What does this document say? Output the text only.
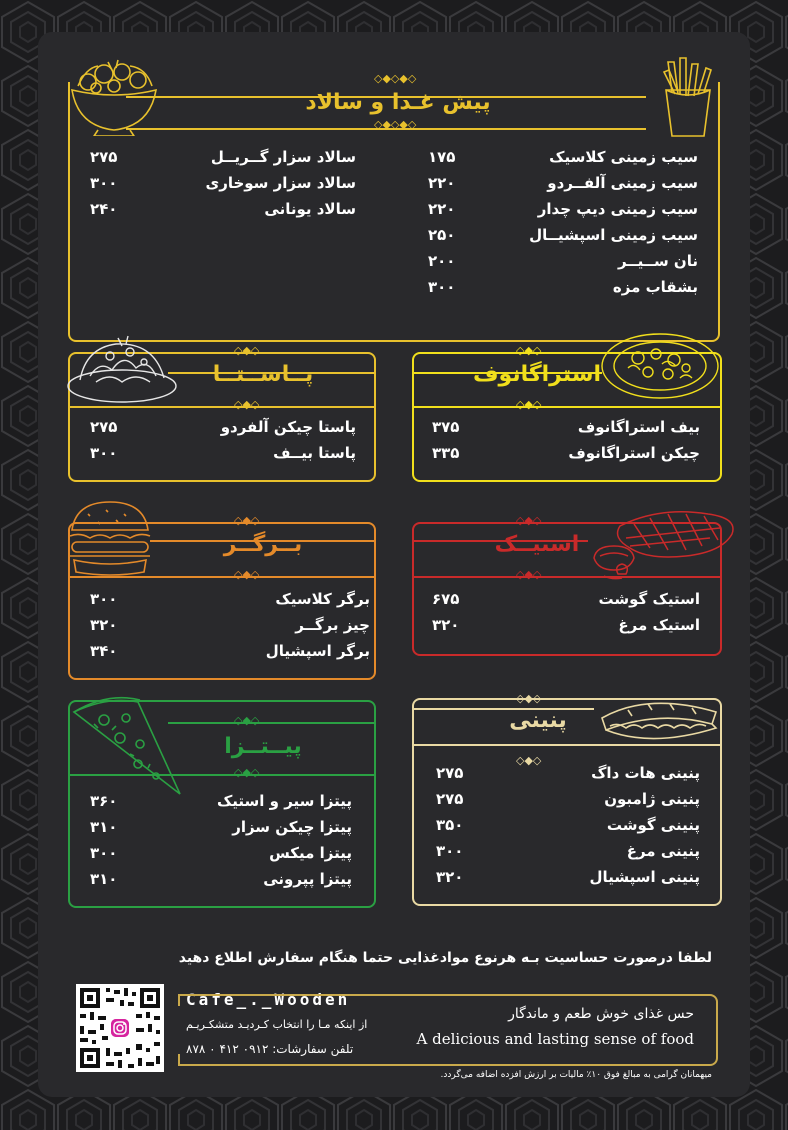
◇◆◇◆◇
◇◆◇◆◇
پیش غـذا و سالاد
سالاد سزار گــریــل
۲۷۵
سالاد سزار سوخاری
۳۰۰
سالاد یونانی
۲۴۰
سیب زمینی کلاسیک
۱۷۵
سیب زمینی آلفــردو
۲۲۰
سیب زمینی دیپ چدار
۲۲۰
سیب زمینی اسپشیــال
۲۵۰
نان ســیــر
۲۰۰
بشقاب مزه
۳۰۰
◇◆◇
◇◆◇
پــاســتــا
پاستا چیکن آلفردو
۲۷۵
پاستا بیــف
۳۰۰
◇◆◇
◇◆◇
استراگانوف
بیف استراگانوف
۳۷۵
چیکن استراگانوف
۳۳۵
◇◆◇
◇◆◇
بــرگــر
برگر کلاسیک
۳۰۰
چیز برگــر
۳۲۰
برگر اسپشیال
۳۴۰
◇◆◇
◇◆◇
استیــک
استیک گوشت
۶۷۵
استیک مرغ
۳۲۰
◇◆◇
◇◆◇
پیــتــزا
پیتزا سیر و استیک
۳۶۰
پیتزا چیکن سزار
۳۱۰
پیتزا میکس
۳۰۰
پیتزا پپرونی
۳۱۰
◇◆◇
◇◆◇
پنینی
پنینی هات داگ
۲۷۵
پنینی ژامبون
۲۷۵
پنینی گوشت
۳۵۰
پنینی مرغ
۳۰۰
پنینی اسپشیال
۳۲۰
لطفا درصورت حساسیت بـه هرنوع موادغذایی حتما هنگام سفارش اطلاع دهید
Cafe_._Wooden
از اینکه مـا را انتخاب کـردیـد متشکـریـم
تلفن سفارشات: ۰۹۱۲ ۴۱۲ ۰ ۸۷۸
حس غذای خوش طعم و ماندگار
A delicious and lasting sense of food
میهمانان گرامی به مبالغ فوق ۱۰٪ مالیات بر ارزش افزده اضافه می‌گردد.
